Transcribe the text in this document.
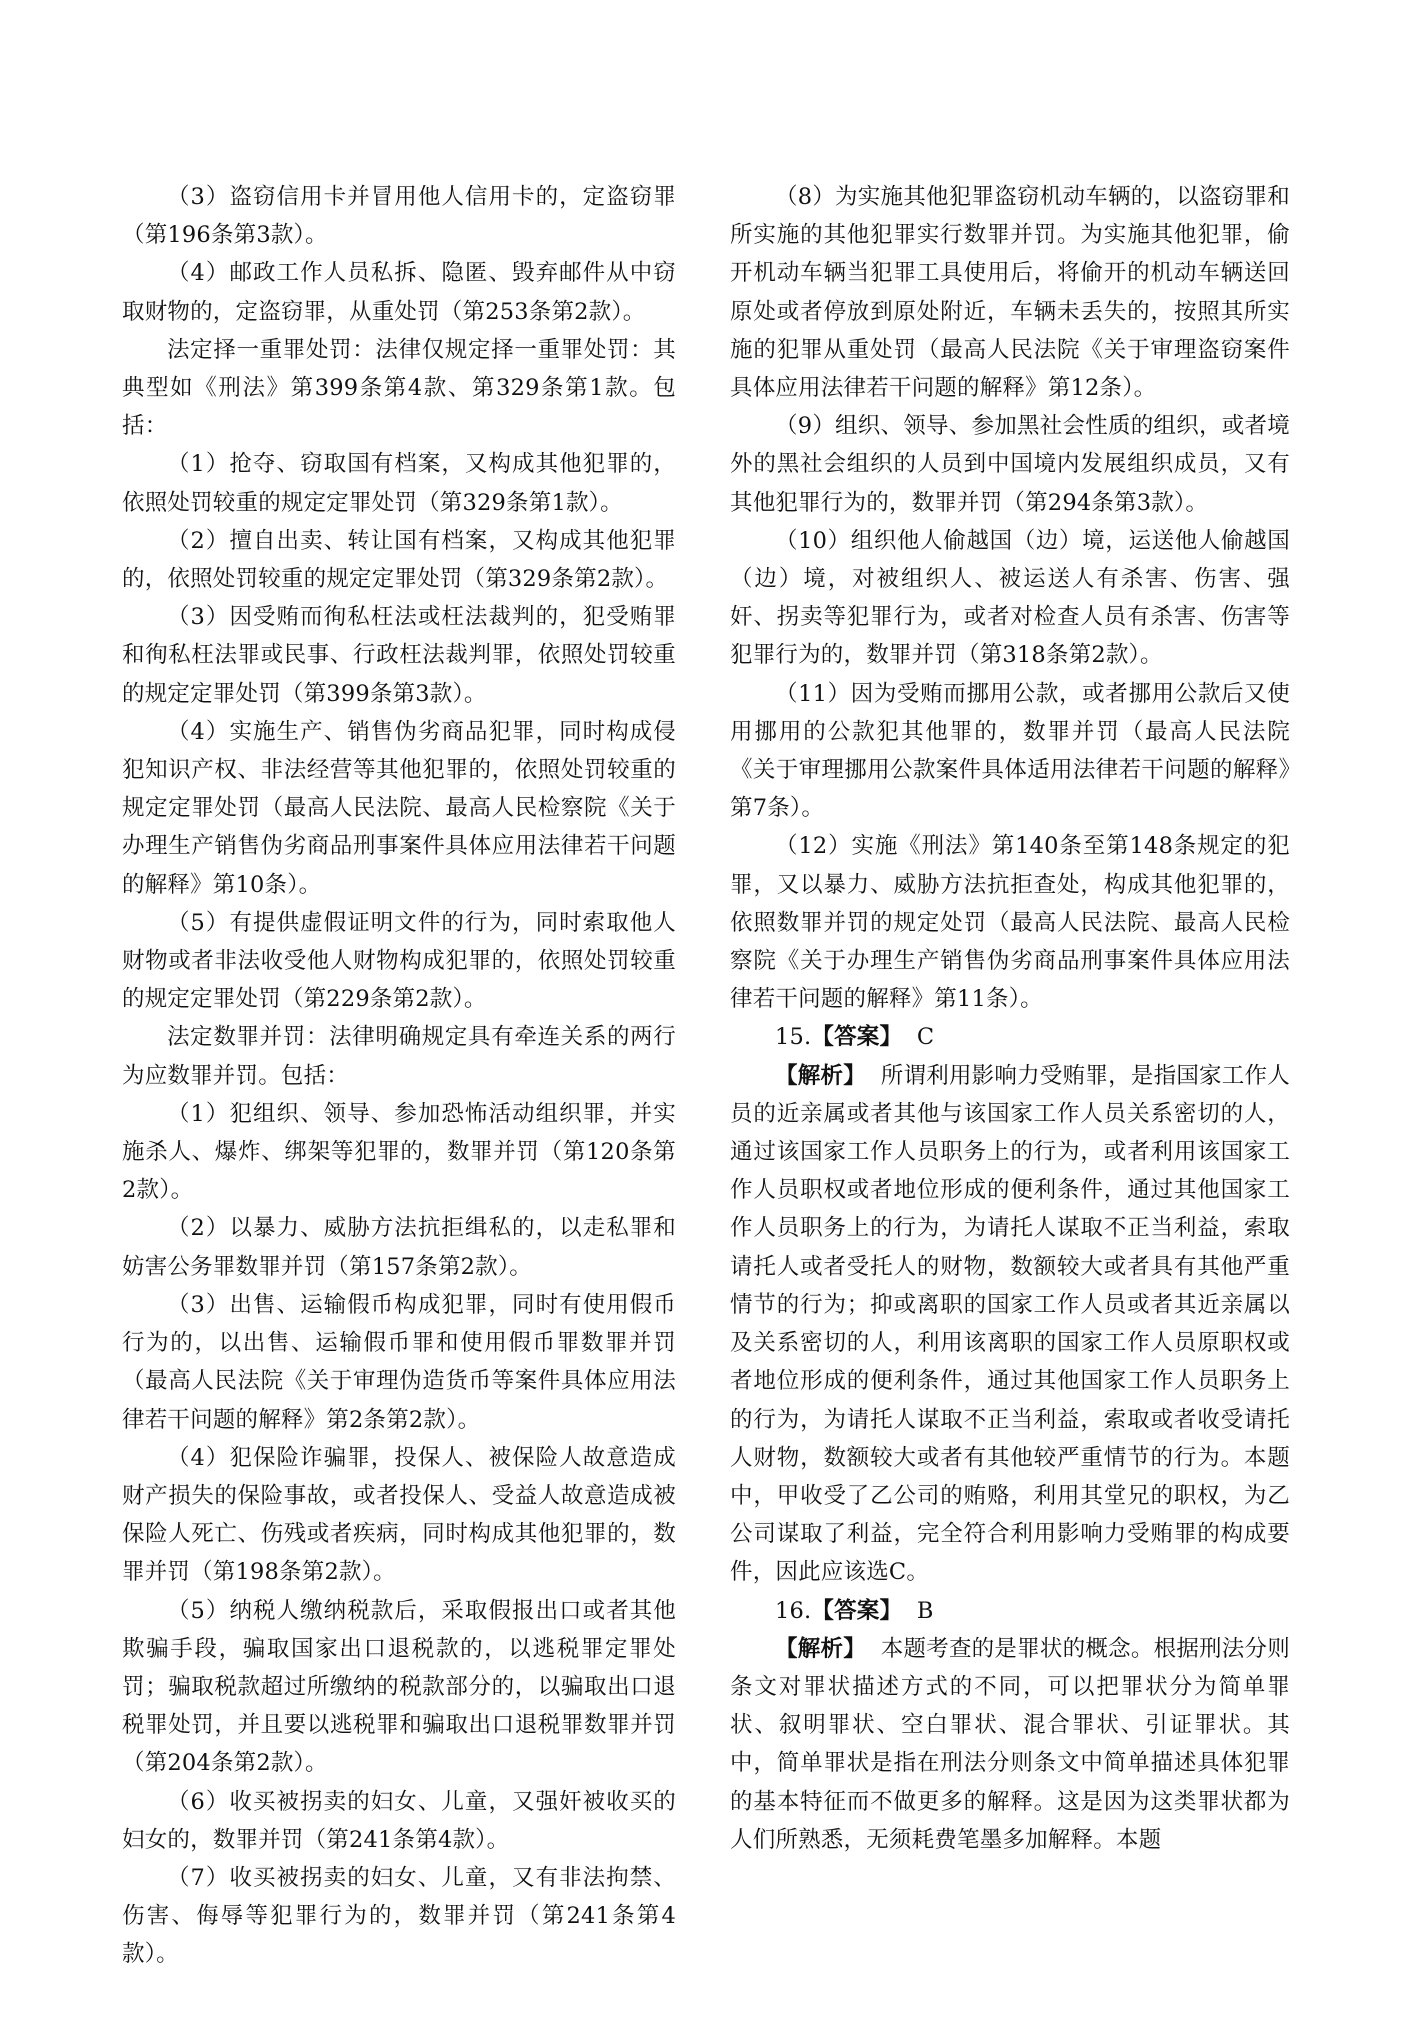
（3）盗窃信用卡并冒用他人信用卡的，定盗窃罪（第196条第3款）。

（4）邮政工作人员私拆、隐匿、毁弃邮件从中窃取财物的，定盗窃罪，从重处罚（第253条第2款）。

法定择一重罪处罚：法律仅规定择一重罪处罚：其典型如《刑法》第399条第4款、第329条第1款。包括：

（1）抢夺、窃取国有档案，又构成其他犯罪的，依照处罚较重的规定定罪处罚（第329条第1款）。

（2）擅自出卖、转让国有档案，又构成其他犯罪的，依照处罚较重的规定定罪处罚（第329条第2款）。

（3）因受贿而徇私枉法或枉法裁判的，犯受贿罪和徇私枉法罪或民事、行政枉法裁判罪，依照处罚较重的规定定罪处罚（第399条第3款）。

（4）实施生产、销售伪劣商品犯罪，同时构成侵犯知识产权、非法经营等其他犯罪的，依照处罚较重的规定定罪处罚（最高人民法院、最高人民检察院《关于办理生产销售伪劣商品刑事案件具体应用法律若干问题的解释》第10条）。

（5）有提供虚假证明文件的行为，同时索取他人财物或者非法收受他人财物构成犯罪的，依照处罚较重的规定定罪处罚（第229条第2款）。

法定数罪并罚：法律明确规定具有牵连关系的两行为应数罪并罚。包括：

（1）犯组织、领导、参加恐怖活动组织罪，并实施杀人、爆炸、绑架等犯罪的，数罪并罚（第120条第2款）。

（2）以暴力、威胁方法抗拒缉私的，以走私罪和妨害公务罪数罪并罚（第157条第2款）。

（3）出售、运输假币构成犯罪，同时有使用假币行为的，以出售、运输假币罪和使用假币罪数罪并罚（最高人民法院《关于审理伪造货币等案件具体应用法律若干问题的解释》第2条第2款）。

（4）犯保险诈骗罪，投保人、被保险人故意造成财产损失的保险事故，或者投保人、受益人故意造成被保险人死亡、伤残或者疾病，同时构成其他犯罪的，数罪并罚（第198条第2款）。

（5）纳税人缴纳税款后，采取假报出口或者其他欺骗手段，骗取国家出口退税款的，以逃税罪定罪处罚；骗取税款超过所缴纳的税款部分的，以骗取出口退税罪处罚，并且要以逃税罪和骗取出口退税罪数罪并罚（第204条第2款）。

（6）收买被拐卖的妇女、儿童，又强奸被收买的妇女的，数罪并罚（第241条第4款）。

（7）收买被拐卖的妇女、儿童，又有非法拘禁、伤害、侮辱等犯罪行为的，数罪并罚（第241条第4款）。

（8）为实施其他犯罪盗窃机动车辆的，以盗窃罪和所实施的其他犯罪实行数罪并罚。为实施其他犯罪，偷开机动车辆当犯罪工具使用后，将偷开的机动车辆送回原处或者停放到原处附近，车辆未丢失的，按照其所实施的犯罪从重处罚（最高人民法院《关于审理盗窃案件具体应用法律若干问题的解释》第12条）。

（9）组织、领导、参加黑社会性质的组织，或者境外的黑社会组织的人员到中国境内发展组织成员，又有其他犯罪行为的，数罪并罚（第294条第3款）。

（10）组织他人偷越国（边）境，运送他人偷越国（边）境，对被组织人、被运送人有杀害、伤害、强奸、拐卖等犯罪行为，或者对检查人员有杀害、伤害等犯罪行为的，数罪并罚（第318条第2款）。

（11）因为受贿而挪用公款，或者挪用公款后又使用挪用的公款犯其他罪的，数罪并罚（最高人民法院《关于审理挪用公款案件具体适用法律若干问题的解释》第7条）。

（12）实施《刑法》第140条至第148条规定的犯罪，又以暴力、威胁方法抗拒查处，构成其他犯罪的，依照数罪并罚的规定处罚（最高人民法院、最高人民检察院《关于办理生产销售伪劣商品刑事案件具体应用法律若干问题的解释》第11条）。

15.【答案】 C

【解析】 所谓利用影响力受贿罪，是指国家工作人员的近亲属或者其他与该国家工作人员关系密切的人，通过该国家工作人员职务上的行为，或者利用该国家工作人员职权或者地位形成的便利条件，通过其他国家工作人员职务上的行为，为请托人谋取不正当利益，索取请托人或者受托人的财物，数额较大或者具有其他严重情节的行为；抑或离职的国家工作人员或者其近亲属以及关系密切的人，利用该离职的国家工作人员原职权或者地位形成的便利条件，通过其他国家工作人员职务上的行为，为请托人谋取不正当利益，索取或者收受请托人财物，数额较大或者有其他较严重情节的行为。本题中，甲收受了乙公司的贿赂，利用其堂兄的职权，为乙公司谋取了利益，完全符合利用影响力受贿罪的构成要件，因此应该选C。

16.【答案】 B

【解析】 本题考查的是罪状的概念。根据刑法分则条文对罪状描述方式的不同，可以把罪状分为简单罪状、叙明罪状、空白罪状、混合罪状、引证罪状。其中，简单罪状是指在刑法分则条文中简单描述具体犯罪的基本特征而不做更多的解释。这是因为这类罪状都为人们所熟悉，无须耗费笔墨多加解释。本题
